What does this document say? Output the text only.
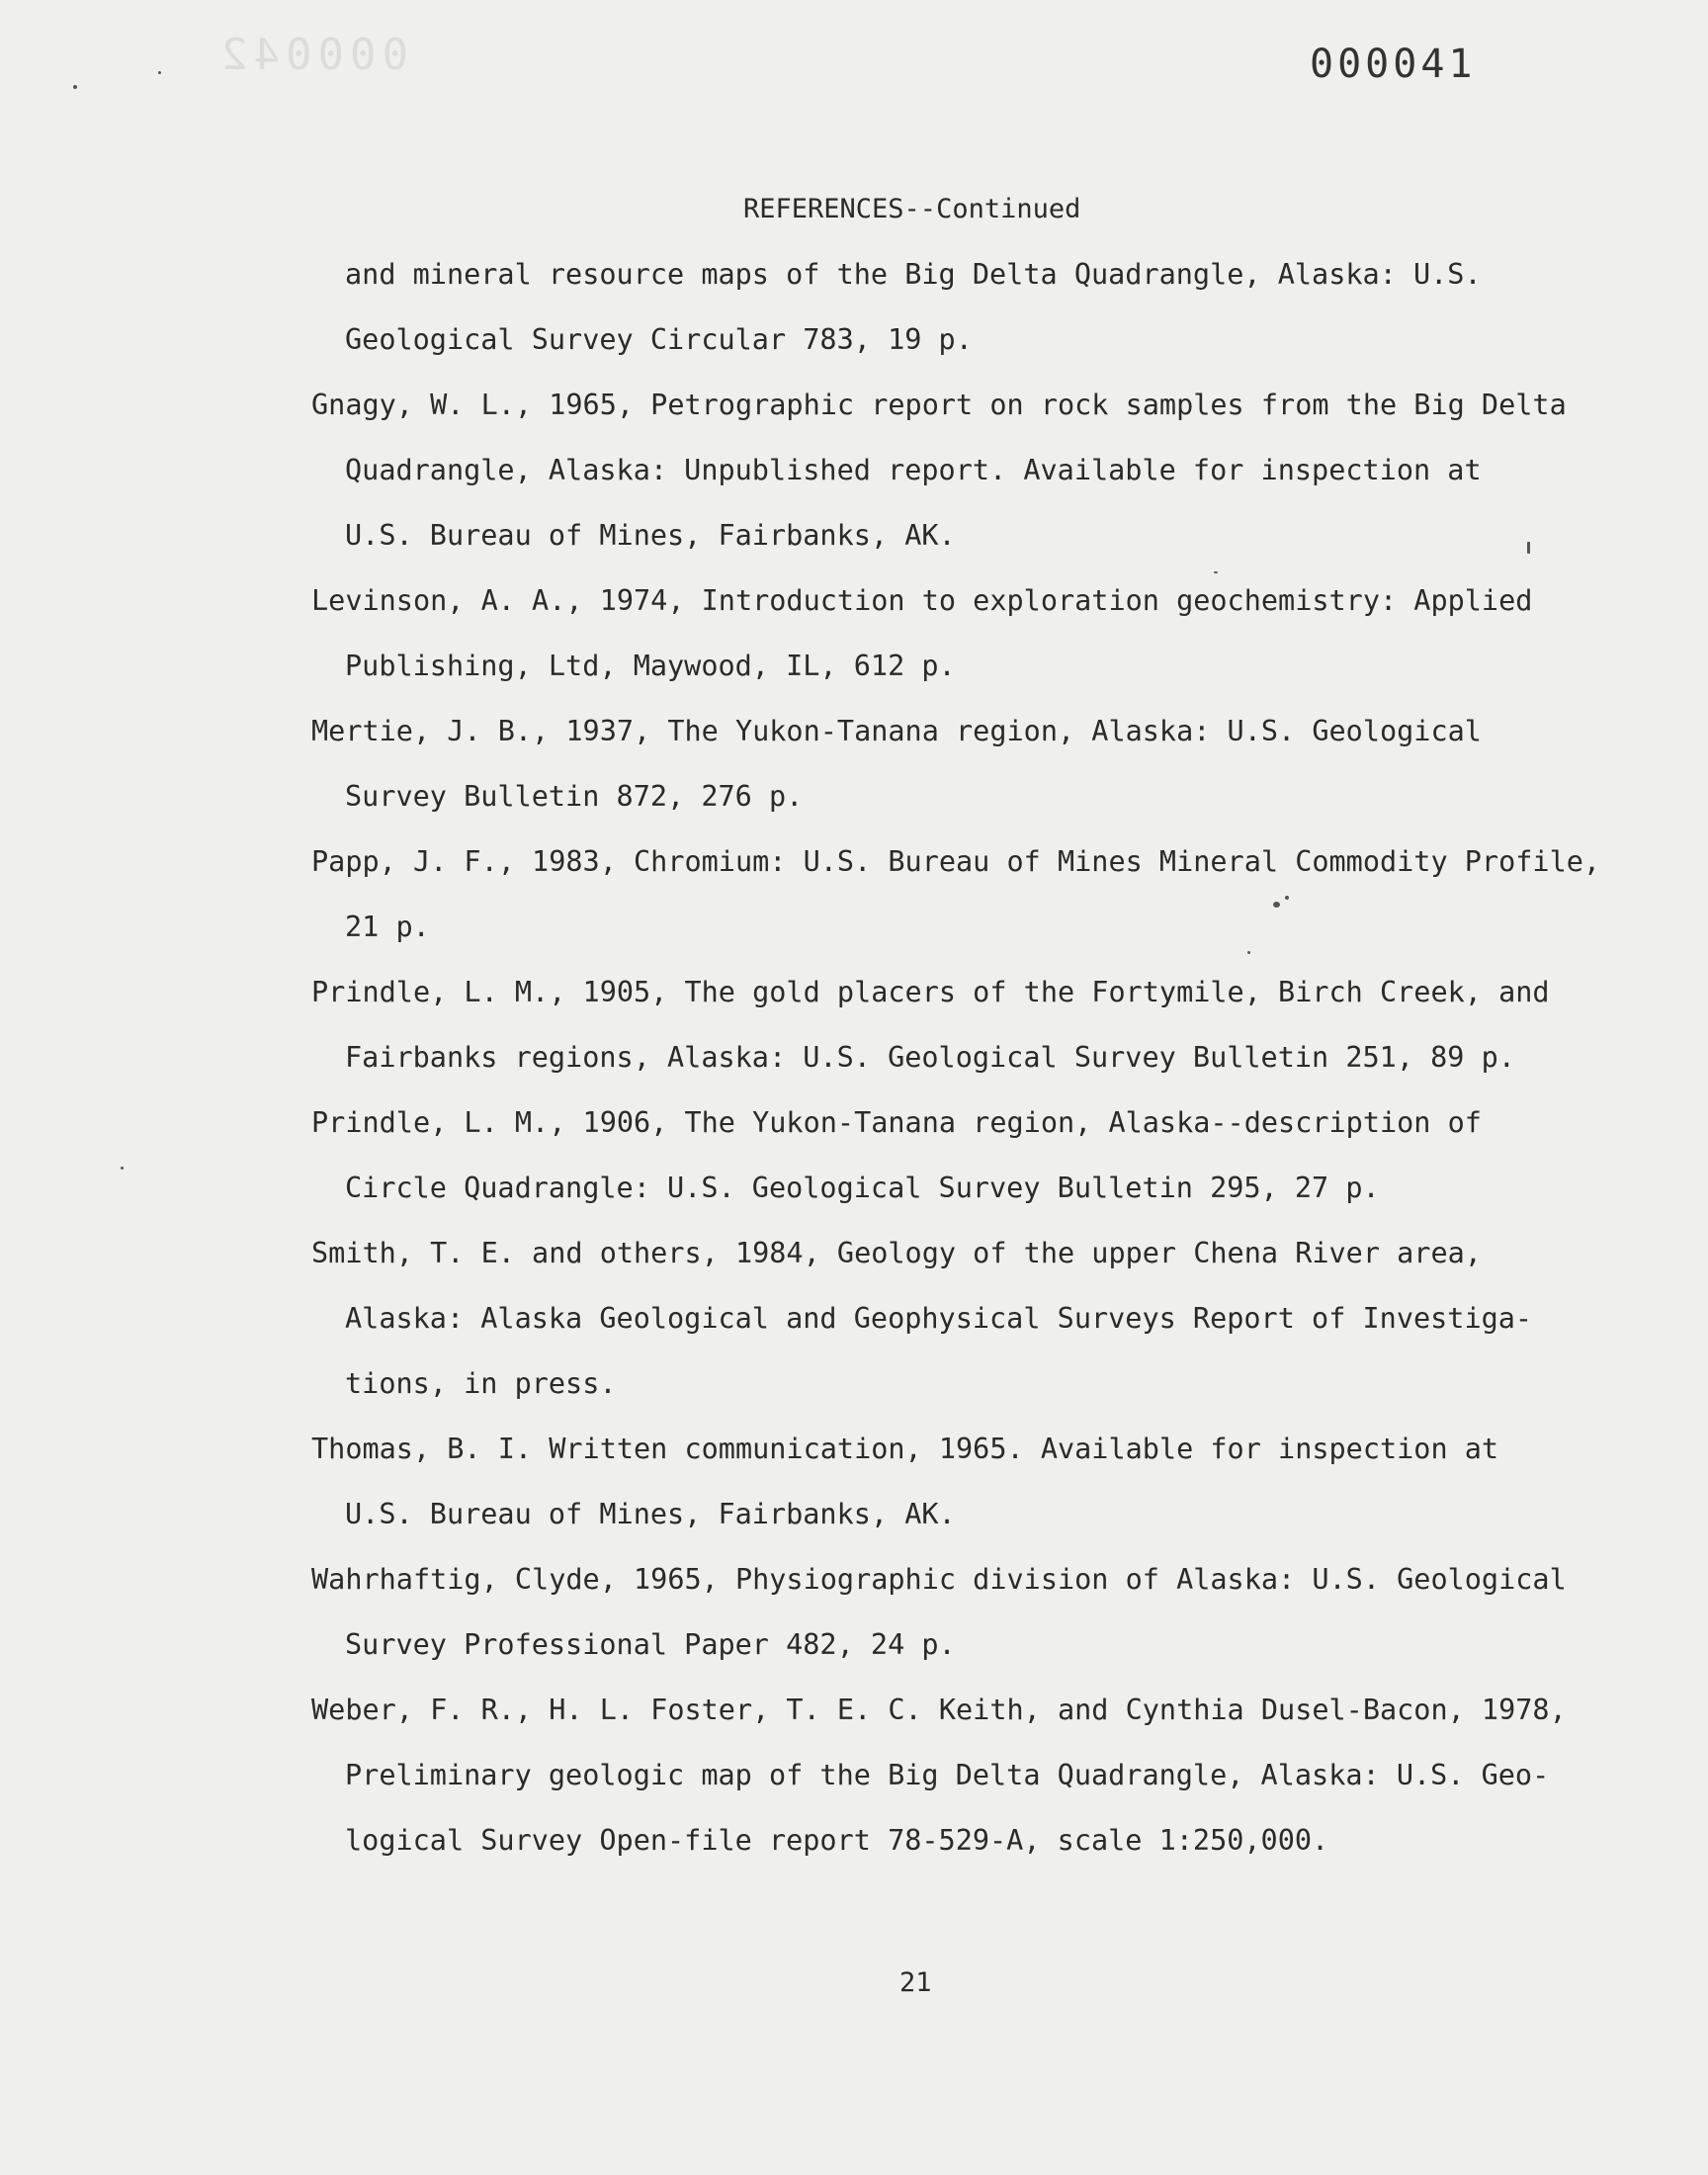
000042	000041
REFERENCES--Continued
and mineral resource maps of the Big Delta Quadrangle, Alaska: U.S.
Geological Survey Circular 783, 19 p.
Gnagy, W. L., 1965, Petrographic report on rock samples from the Big Delta
Quadrangle, Alaska: Unpublished report. Available for inspection at
U.S. Bureau of Mines, Fairbanks, AK.
Levinson, A. A., 1974, Introduction to exploration geochemistry: Applied
Publishing, Ltd, Maywood, IL, 612 p.
Mertie, J. B., 1937, The Yukon-Tanana region, Alaska: U.S. Geological
Survey Bulletin 872, 276 p.
Papp, J. F., 1983, Chromium: U.S. Bureau of Mines Mineral Commodity Profile,
21 p.
Prindle, L. M., 1905, The gold placers of the Fortymile, Birch Creek, and
Fairbanks regions, Alaska: U.S. Geological Survey Bulletin 251, 89 p.
Prindle, L. M., 1906, The Yukon-Tanana region, Alaska--description of
Circle Quadrangle: U.S. Geological Survey Bulletin 295, 27 p.
Smith, T. E. and others, 1984, Geology of the upper Chena River area,
Alaska: Alaska Geological and Geophysical Surveys Report of Investiga-
tions, in press.
Thomas, B. I. Written communication, 1965. Available for inspection at
U.S. Bureau of Mines, Fairbanks, AK.
Wahrhaftig, Clyde, 1965, Physiographic division of Alaska: U.S. Geological
Survey Professional Paper 482, 24 p.
Weber, F. R., H. L. Foster, T. E. C. Keith, and Cynthia Dusel-Bacon, 1978,
Preliminary geologic map of the Big Delta Quadrangle, Alaska: U.S. Geo-
logical Survey Open-file report 78-529-A, scale 1:250,000.
21
